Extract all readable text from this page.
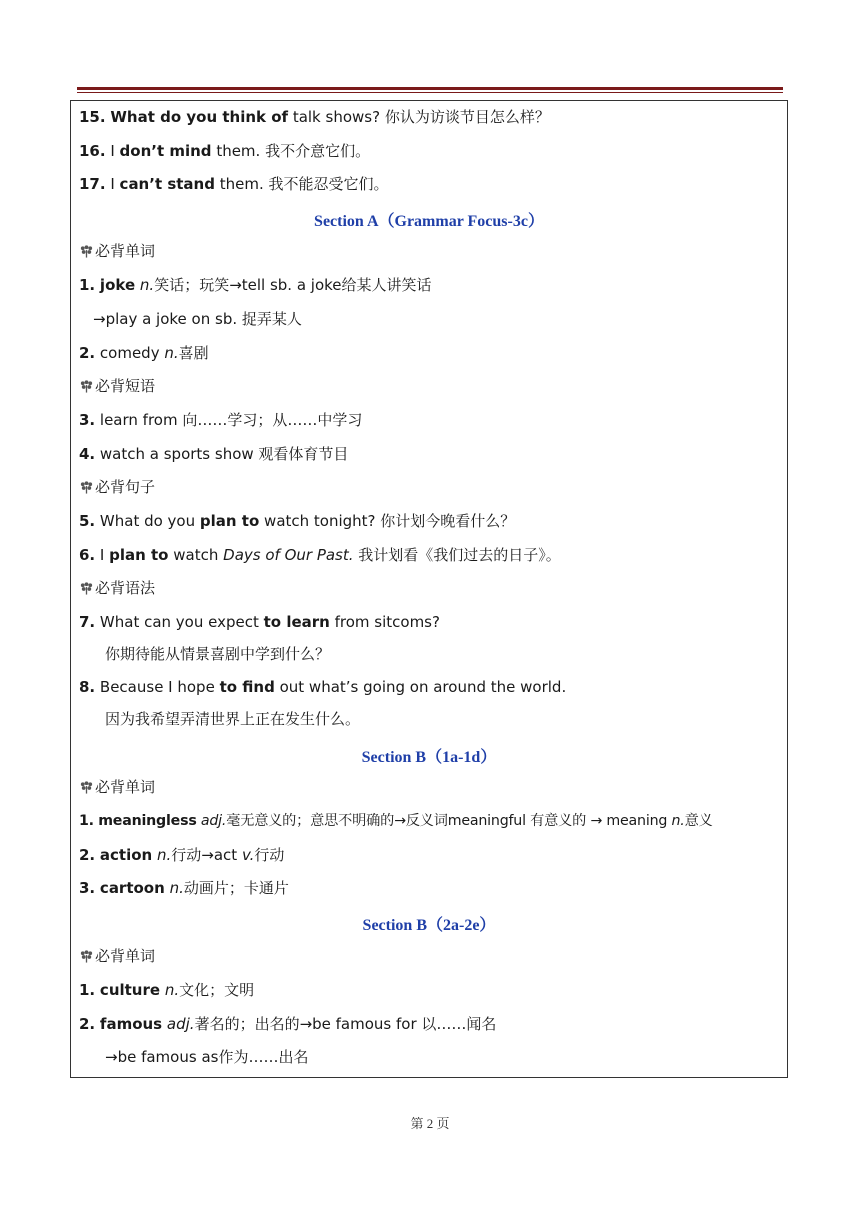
15. What do you think of talk shows? 你认为访谈节目怎么样？
16. I don’t mind them. 我不介意它们。
17. I can’t stand them. 我不能忍受它们。
Section A（Grammar Focus-3c）
必背单词
1. joke n.笑话；玩笑→tell sb. a joke给某人讲笑话
→play a joke on sb. 捉弄某人
2. comedy n.喜剧
必背短语
3. learn from 向……学习；从……中学习
4. watch a sports show 观看体育节目
必背句子
5. What do you plan to watch tonight? 你计划今晚看什么？
6. I plan to watch Days of Our Past. 我计划看《我们过去的日子》。
必背语法
7. What can you expect to learn from sitcoms?
你期待能从情景喜剧中学到什么？
8. Because I hope to find out what’s going on around the world.
因为我希望弄清世界上正在发生什么。
Section B（1a-1d）
必背单词
1. meaningless adj.毫无意义的；意思不明确的→反义词meaningful 有意义的 → meaning n.意义
2. action n.行动→act v.行动
3. cartoon n.动画片；卡通片
Section B（2a-2e）
必背单词
1. culture n.文化；文明
2. famous adj.著名的；出名的→be famous for 以……闻名
→be famous as作为……出名
第 2 页
